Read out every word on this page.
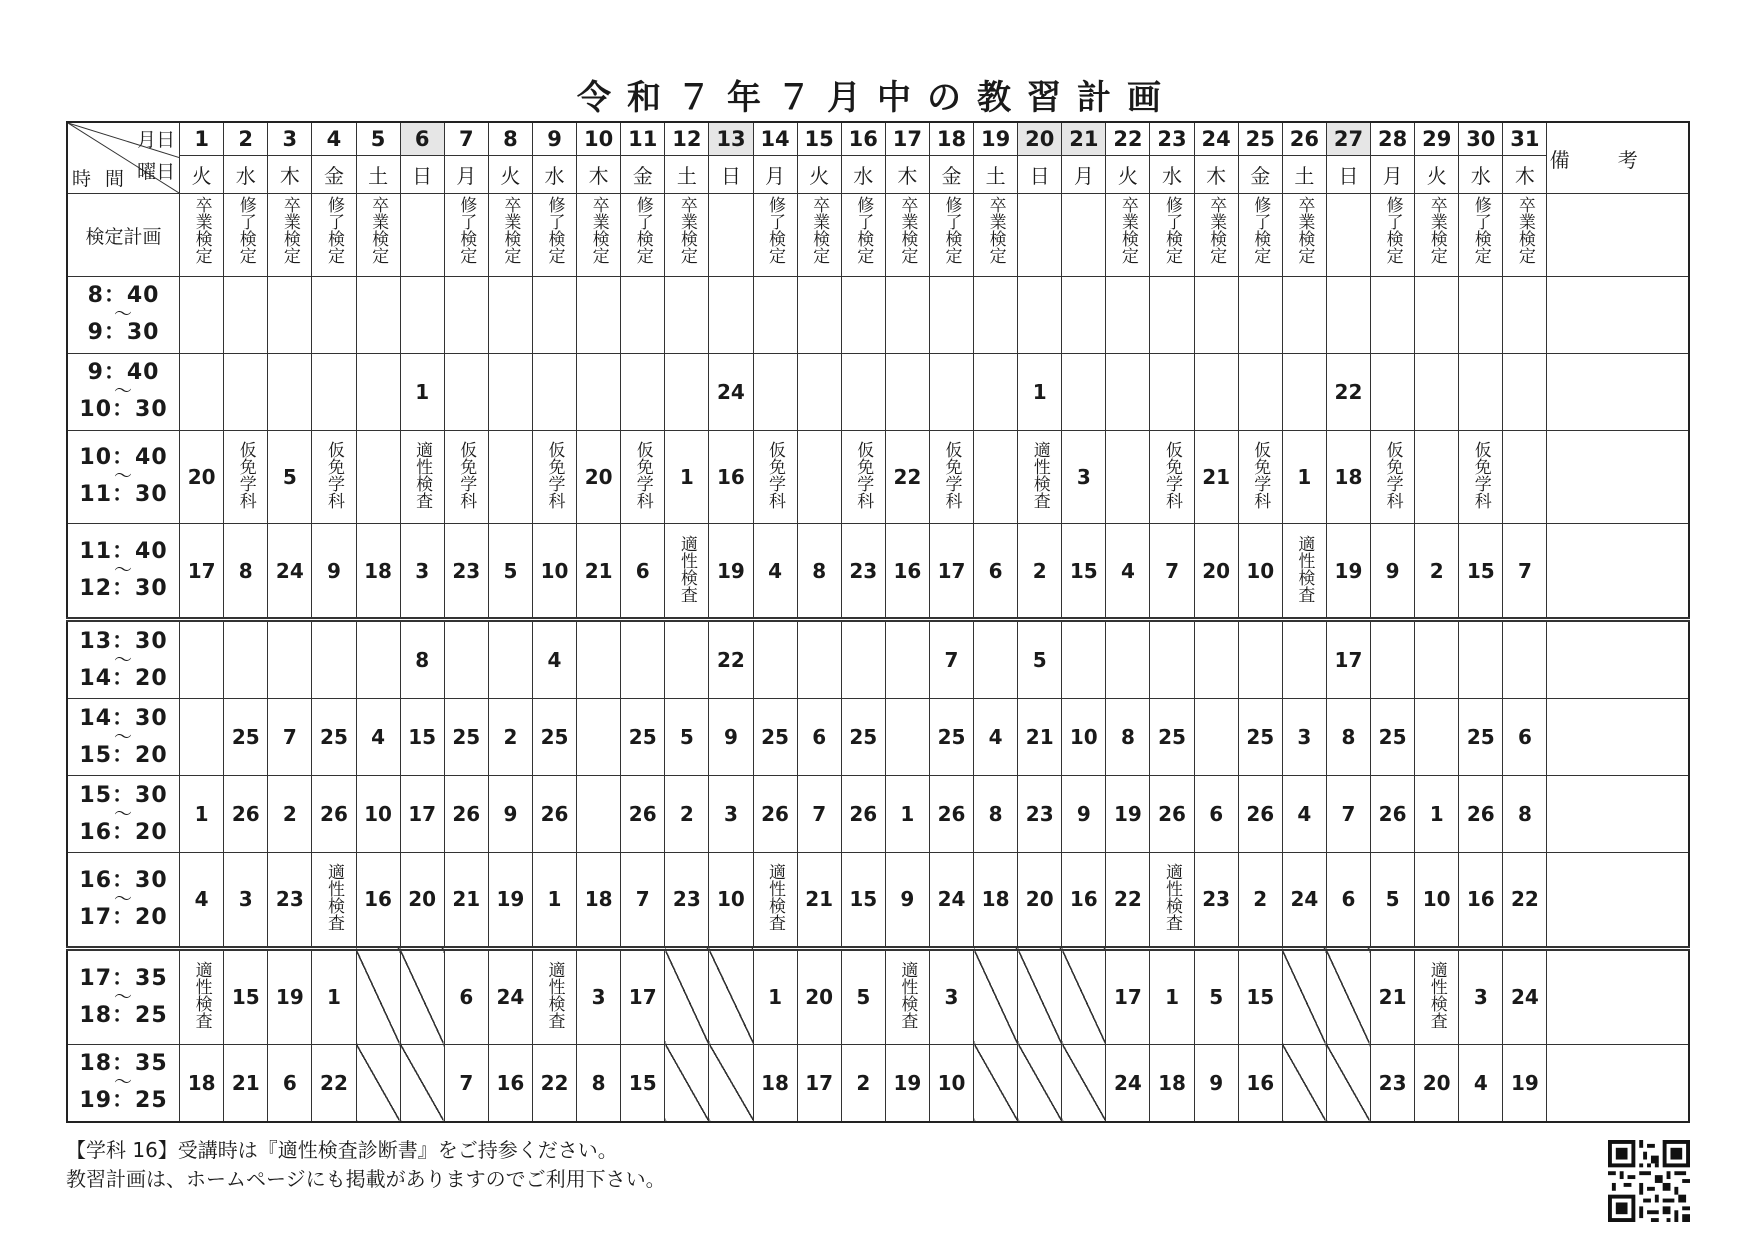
令和７年７月中の教習計画
月日
曜日
時間	1	2	3	4	5	6	7	8	9	10	11	12	13	14	15	16	17	18	19	20	21	22	23	24	25	26	27	28	29	30	31	備考
	火	水	木	金	土	日	月	火	水	木	金	土	日	月	火	水	木	金	土	日	月	火	水	木	金	土	日	月	火	水	木	
検定計画	卒業検定	修了検定	卒業検定	修了検定	卒業検定		修了検定	卒業検定	修了検定	卒業検定	修了検定	卒業検定		修了検定	卒業検定	修了検定	卒業検定	修了検定	卒業検定			卒業検定	修了検定	卒業検定	修了検定	卒業検定		修了検定	卒業検定	修了検定	卒業検定	

8：40
～
9：30																																

9：40
～
10：30						1							24							1							22					

10：40
～
11：30	20	仮免学科	5	仮免学科		適性検査	仮免学科		仮免学科	20	仮免学科	1	16	仮免学科		仮免学科	22	仮免学科		適性検査	3		仮免学科	21	仮免学科	1	18	仮免学科		仮免学科		

11：40
～
12：30	17	8	24	9	18	3	23	5	10	21	6	適性検査	19	4	8	23	16	17	6	2	15	4	7	20	10	適性検査	19	9	2	15	7	

13：30
～
14：20						8			4				22					7		5							17					

14：30
～
15：20		25	7	25	4	15	25	2	25		25	5	9	25	6	25		25	4	21	10	8	25		25	3	8	25		25	6	

15：30
～
16：20	1	26	2	26	10	17	26	9	26		26	2	3	26	7	26	1	26	8	23	9	19	26	6	26	4	7	26	1	26	8	

16：30
～
17：20	4	3	23	適性検査	16	20	21	19	1	18	7	23	10	適性検査	21	15	9	24	18	20	16	22	適性検査	23	2	24	6	5	10	16	22	

17：35
～
18：25	適性検査	15	19	1			6	24	適性検査	3	17			1	20	5	適性検査	3				17	1	5	15			21	適性検査	3	24	

18：35
～
19：25	18	21	6	22			7	16	22	8	15			18	17	2	19	10				24	18	9	16			23	20	4	19	
【学科 16】受講時は『適性検査診断書』をご持参ください。
教習計画は、ホームページにも掲載がありますのでご利用下さい。
